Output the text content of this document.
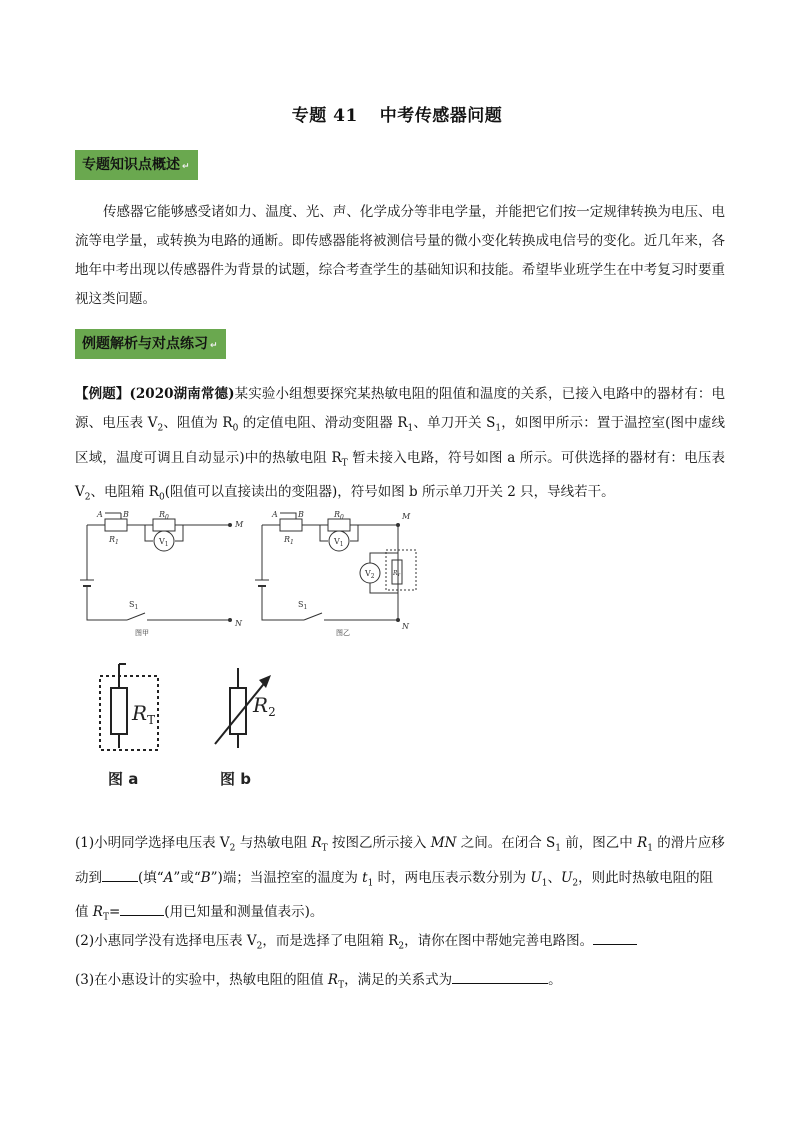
专题 41 中考传感器问题
专题知识点概述 ↵
传感器它能够感受诸如力、温度、光、声、化学成分等非电学量，并能把它们按一定规律转换为电压、电流等电学量，或转换为电路的通断。即传感器能将被测信号量的微小变化转换成电信号的变化。近几年来，各地年中考出现以传感器件为背景的试题，综合考查学生的基础知识和技能。希望毕业班学生在中考复习时要重视这类问题。
例题解析与对点练习 ↵
【例题】(2020湖南常德)某实验小组想要探究某热敏电阻的阻值和温度的关系，已接入电路中的器材有：电源、电压表 $V_2$、阻值为 $R_0$ 的定值电阻、滑动变阻器 $R_1$、单刀开关 $S_1$，如图甲所示：置于温控室(图中虚线区域，温度可调且自动显示)中的热敏电阻 $R_T$ 暂未接入电路，符号如图 a 所示。可供选择的器材有：电压表 $V_2$、电阻箱 $R_0$(阻值可以直接读出的变阻器)，符号如图 b 所示单刀开关 2 只，导线若干。
A	B
$R_1$
$R_0$
$V_1$
M
N
$S_1$
图甲
A	B
$R_1$
$R_0$
$V_1$
$V_2$	RT
M
N
$S_1$
图乙
$R_T$
图 a
$R_2$
图 b
(1)小明同学选择电压表 $V_2$ 与热敏电阻 $R_T$ 按图乙所示接入 MN 之间。在闭合 $S_1$ 前，图乙中 $R_1$ 的滑片应移动到	(填“A”或“B”)端；当温控室的温度为 $t_1$ 时，两电压表示数分别为 $U_1$、$U_2$，则此时热敏电阻的阻值 $R_T=$	(用已知量和测量值表示)。
(2)小惠同学没有选择电压表 $V_2$，而是选择了电阻箱 $R_2$，请你在图中帮她完善电路图。
(3)在小惠设计的实验中，热敏电阻的阻值 $R_T$，满足的关系式为	。
